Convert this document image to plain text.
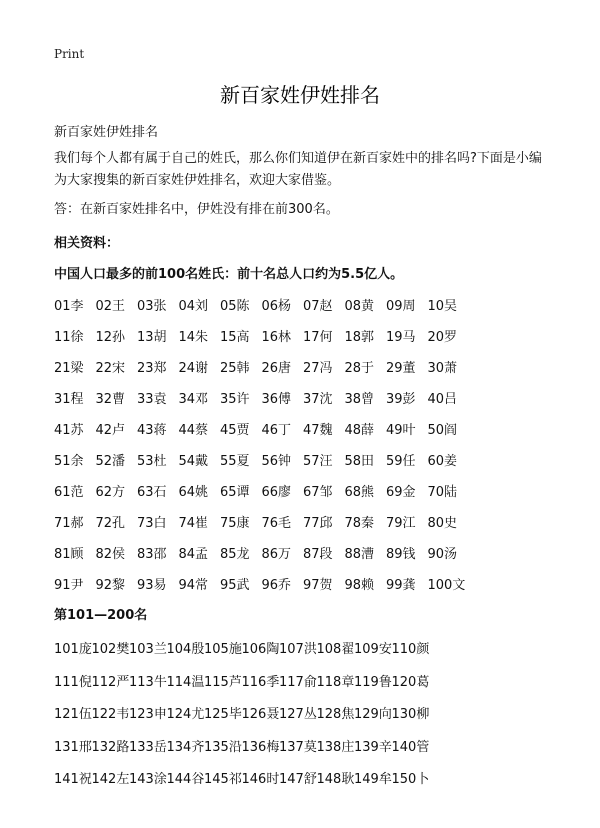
Print
新百家姓伊姓排名
新百家姓伊姓排名
我们每个人都有属于自己的姓氏，那么你们知道伊在新百家姓中的排名吗?下面是小编为大家搜集的新百家姓伊姓排名，欢迎大家借鉴。
答：在新百家姓排名中，伊姓没有排在前300名。
相关资料：
中国人口最多的前100名姓氏：前十名总人口约为5.5亿人。
01李 02王 03张 04刘 05陈 06杨 07赵 08黄 09周 10吴
11徐 12孙 13胡 14朱 15高 16林 17何 18郭 19马 20罗
21梁 22宋 23郑 24谢 25韩 26唐 27冯 28于 29董 30萧
31程 32曹 33袁 34邓 35许 36傅 37沈 38曾 39彭 40吕
41苏 42卢 43蒋 44蔡 45贾 46丁 47魏 48薛 49叶 50阎
51余 52潘 53杜 54戴 55夏 56钟 57汪 58田 59任 60姜
61范 62方 63石 64姚 65谭 66廖 67邹 68熊 69金 70陆
71郝 72孔 73白 74崔 75康 76毛 77邱 78秦 79江 80史
81顾 82侯 83邵 84孟 85龙 86万 87段 88漕 89钱 90汤
91尹 92黎 93易 94常 95武 96乔 97贺 98赖 99龚 100文
第101—200名
101庞 102樊 103兰 104殷 105施 106陶 107洪 108翟 109安 110颜
111倪 112严 113牛 114温 115芦 116季 117俞 118章 119鲁 120葛
121伍 122韦 123申 124尤 125毕 126聂 127丛 128焦 129向 130柳
131邢 132路 133岳 134齐 135沿 136梅 137莫 138庄 139辛 140管
141祝 142左 143涂 144谷 145祁 146时 147舒 148耿 149牟 150卜
